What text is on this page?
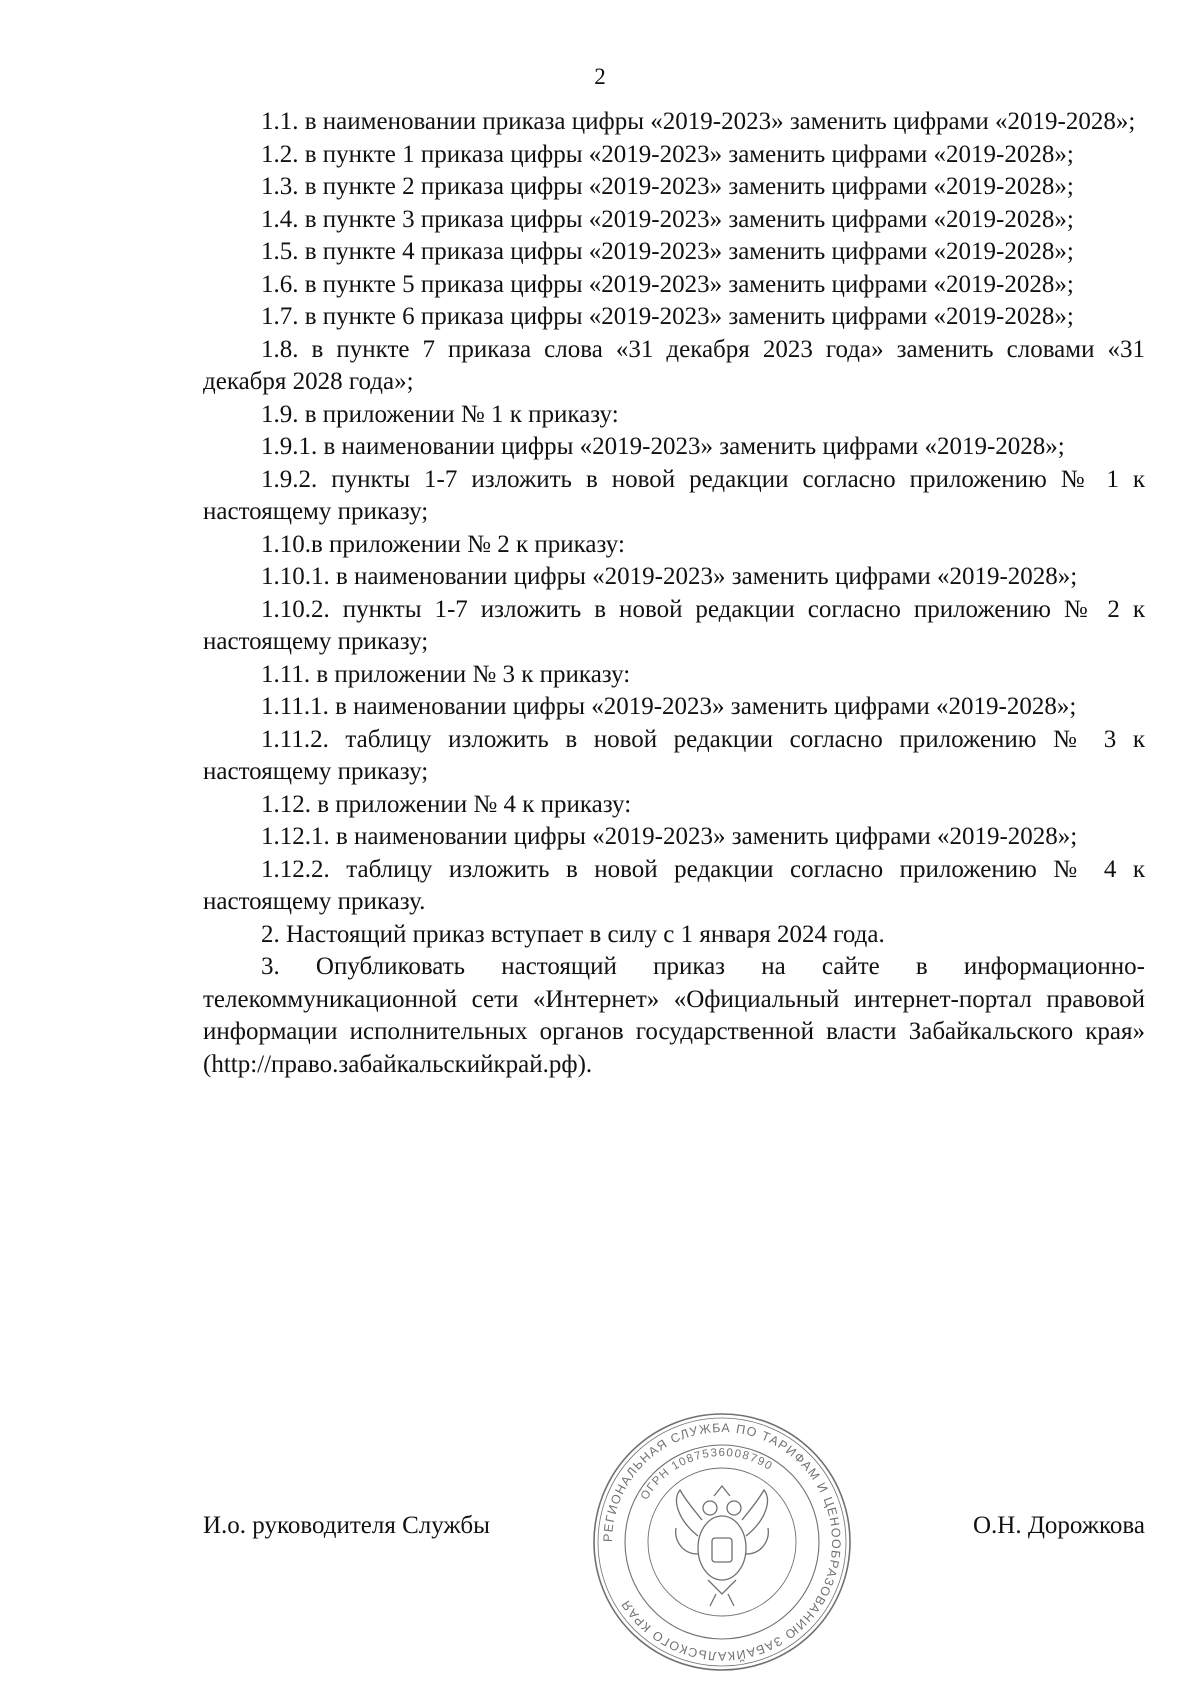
2

1.1. в наименовании приказа цифры «2019-2023» заменить цифрами «2019-2028»;

1.2. в пункте 1 приказа цифры «2019-2023» заменить цифрами «2019-2028»;

1.3. в пункте 2 приказа цифры «2019-2023» заменить цифрами «2019-2028»;

1.4. в пункте 3 приказа цифры «2019-2023» заменить цифрами «2019-2028»;

1.5. в пункте 4 приказа цифры «2019-2023» заменить цифрами «2019-2028»;

1.6. в пункте 5 приказа цифры «2019-2023» заменить цифрами «2019-2028»;

1.7. в пункте 6 приказа цифры «2019-2023» заменить цифрами «2019-2028»;

1.8. в пункте 7 приказа слова «31 декабря 2023 года» заменить словами «31 декабря 2028 года»;

1.9. в приложении № 1 к приказу:

1.9.1. в наименовании цифры «2019-2023» заменить цифрами «2019-2028»;

1.9.2. пункты 1-7 изложить в новой редакции согласно приложению № 1 к настоящему приказу;

1.10.в приложении № 2 к приказу:

1.10.1. в наименовании цифры «2019-2023» заменить цифрами «2019-2028»;

1.10.2. пункты 1-7 изложить в новой редакции согласно приложению № 2 к настоящему приказу;

1.11. в приложении № 3 к приказу:

1.11.1. в наименовании цифры «2019-2023» заменить цифрами «2019-2028»;

1.11.2. таблицу изложить в новой редакции согласно приложению № 3 к настоящему приказу;

1.12. в приложении № 4 к приказу:

1.12.1. в наименовании цифры «2019-2023» заменить цифрами «2019-2028»;

1.12.2. таблицу изложить в новой редакции согласно приложению № 4 к настоящему приказу.

2. Настоящий приказ вступает в силу с 1 января 2024 года.

3. Опубликовать настоящий приказ на сайте в информационно-телекоммуникационной сети «Интернет» «Официальный интернет-портал правовой информации исполнительных органов государственной власти Забайкальского края» (http://право.забайкальскийкрай.рф).

И.о. руководителя Службы	О.Н. Дорожкова
РЕГИОНАЛЬНАЯ СЛУЖБА ПО ТАРИФАМ И ЦЕНООБРАЗОВАНИЮ ЗАБАЙКАЛЬСКОГО КРАЯ
ОГРН 1087536008790
